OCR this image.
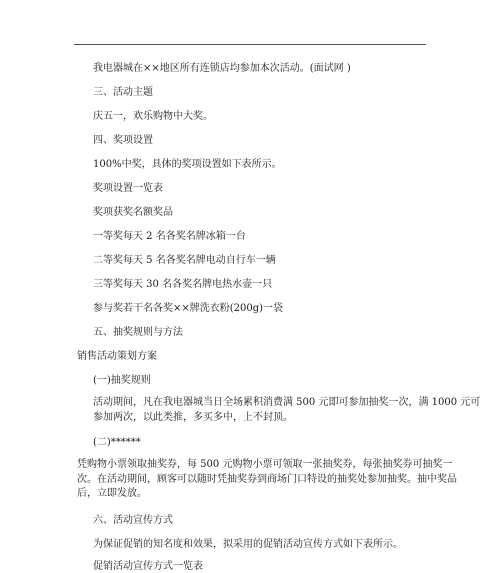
我电器城在××地区所有连锁店均参加本次活动。(面试网 )

三、活动主题

庆五一，欢乐购物中大奖。

四、奖项设置

100%中奖，具体的奖项设置如下表所示。

奖项设置一览表

奖项获奖名额奖品

一等奖每天 2 名各奖名牌冰箱一台

二等奖每天 5 名各奖名牌电动自行车一辆

三等奖每天 30 名各奖名牌电热水壶一只

参与奖若干名各奖××牌洗衣粉(200g)一袋

五、抽奖规则与方法

销售活动策划方案

(一)抽奖规则

活动期间，凡在我电器城当日全场累积消费满 500 元即可参加抽奖一次，满 1000 元可
参加两次，以此类推，多买多中，上不封顶。

(二)******

凭购物小票领取抽奖券，每 500 元购物小票可领取一张抽奖券，每张抽奖券可抽奖一
次。在活动期间，顾客可以随时凭抽奖券到商场门口特设的抽奖处参加抽奖。抽中奖品
后，立即发放。

六、活动宣传方式

为保证促销的知名度和效果，拟采用的促销活动宣传方式如下表所示。

促销活动宣传方式一览表
